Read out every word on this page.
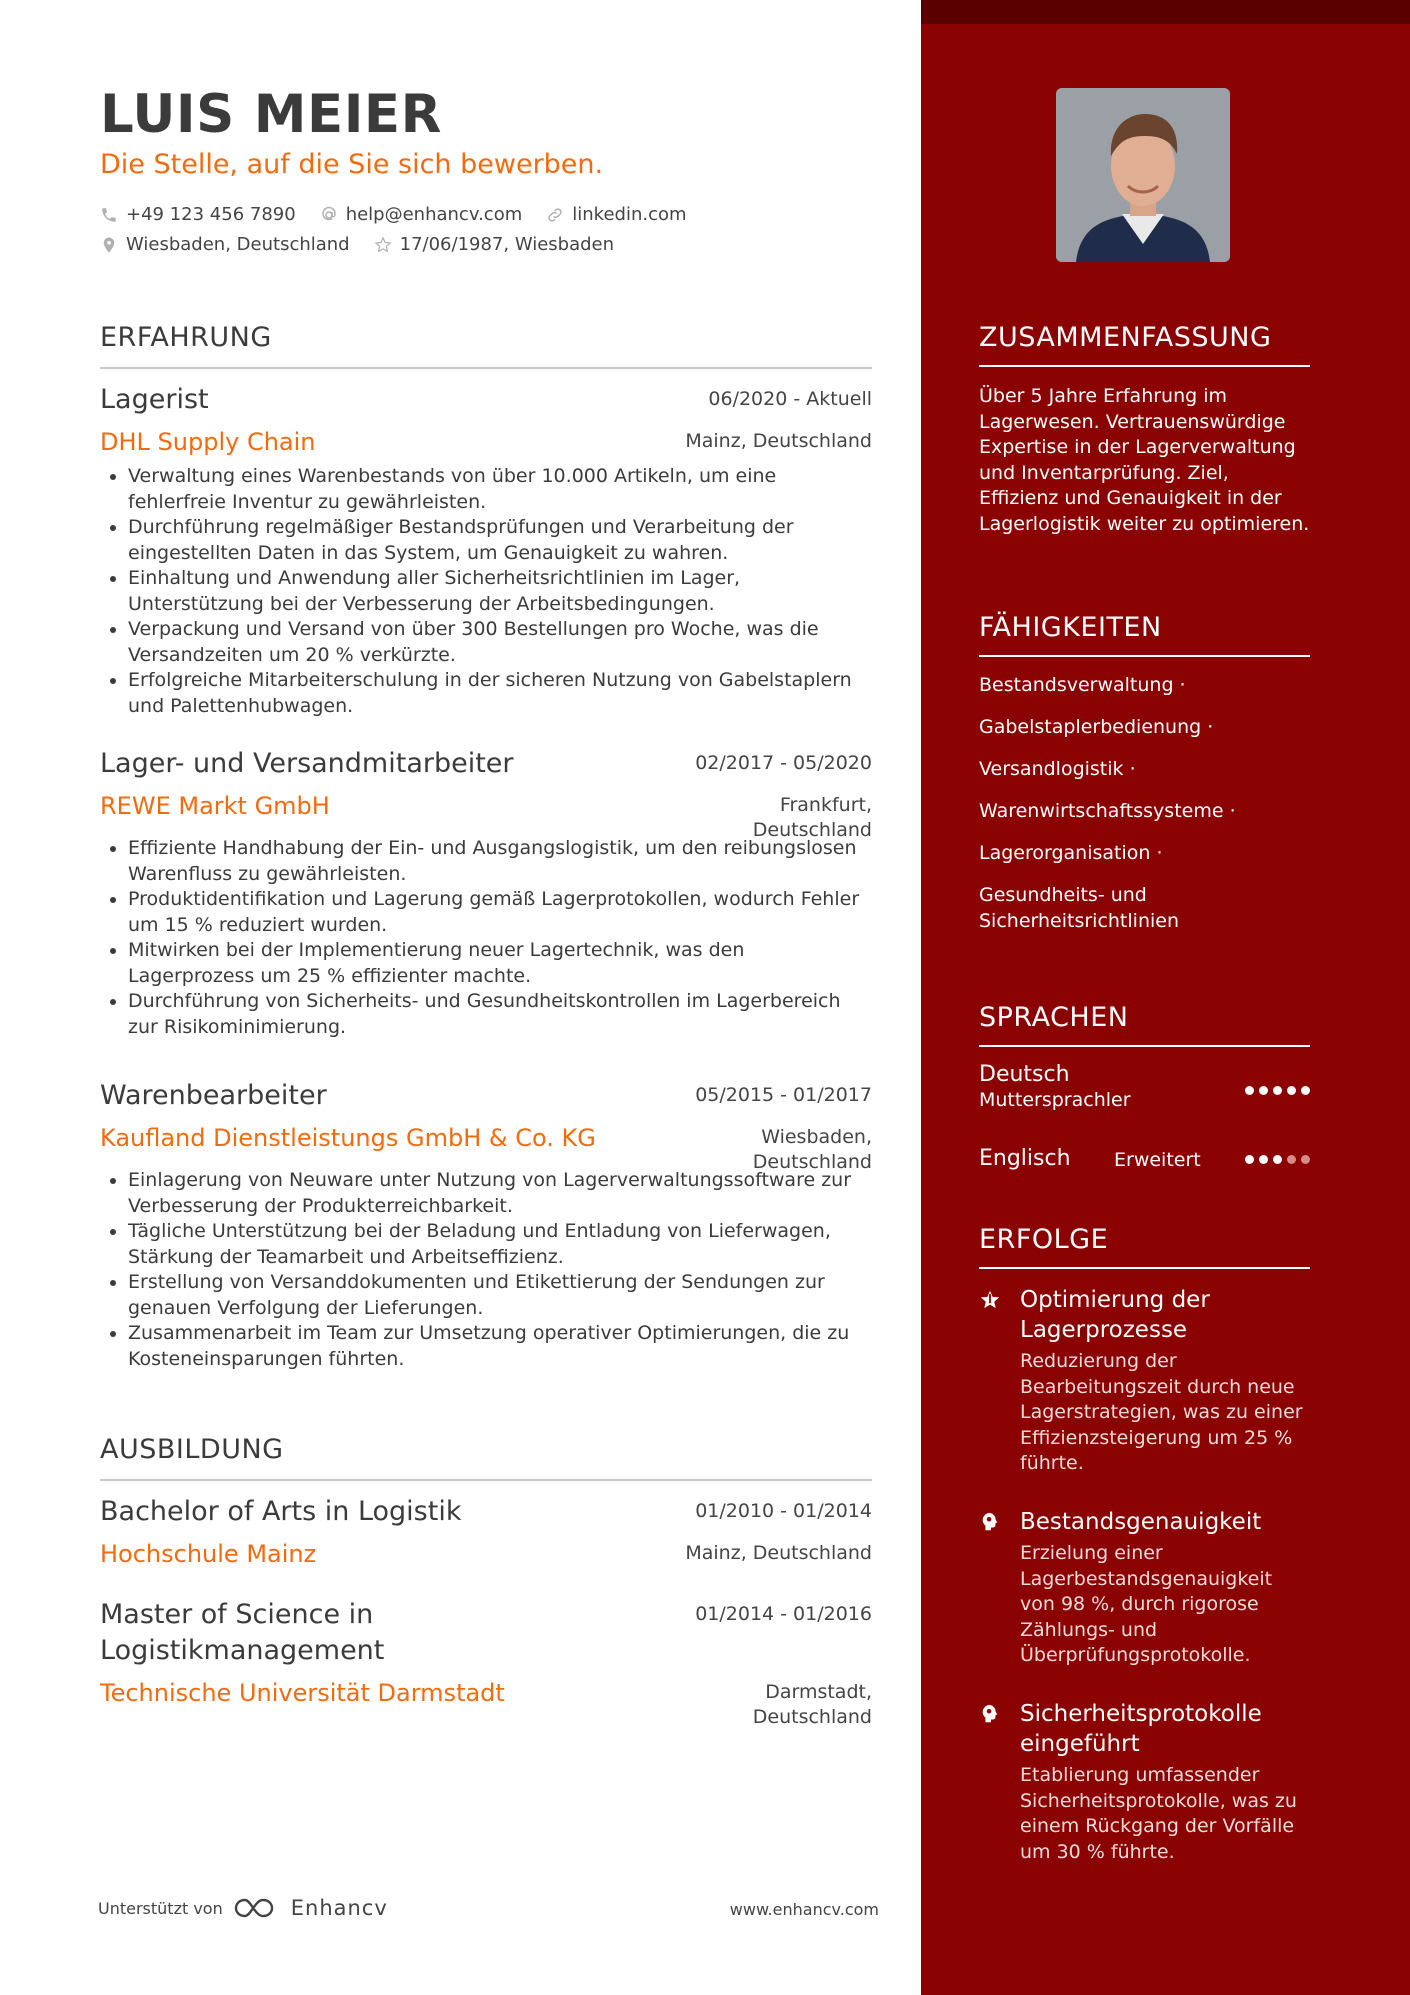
LUIS MEIER
Die Stelle, auf die Sie sich bewerben.
+49 123 456 7890	help@enhancv.com	linkedin.com
Wiesbaden, Deutschland	17/06/1987, Wiesbaden
ERFAHRUNG
Lagerist	06/2020 - Aktuell
DHL Supply Chain	Mainz, Deutschland
• Verwaltung eines Warenbestands von über 10.000 Artikeln, um eine fehlerfreie Inventur zu gewährleisten.
• Durchführung regelmäßiger Bestandsprüfungen und Verarbeitung der eingestellten Daten in das System, um Genauigkeit zu wahren.
• Einhaltung und Anwendung aller Sicherheitsrichtlinien im Lager, Unterstützung bei der Verbesserung der Arbeitsbedingungen.
• Verpackung und Versand von über 300 Bestellungen pro Woche, was die Versandzeiten um 20 % verkürzte.
• Erfolgreiche Mitarbeiterschulung in der sicheren Nutzung von Gabelstaplern und Palettenhubwagen.
Lager- und Versandmitarbeiter	02/2017 - 05/2020
REWE Markt GmbH	Frankfurt,
Deutschland
• Effiziente Handhabung der Ein- und Ausgangslogistik, um den reibungslosen Warenfluss zu gewährleisten.
• Produktidentifikation und Lagerung gemäß Lagerprotokollen, wodurch Fehler um 15 % reduziert wurden.
• Mitwirken bei der Implementierung neuer Lagertechnik, was den Lagerprozess um 25 % effizienter machte.
• Durchführung von Sicherheits- und Gesundheitskontrollen im Lagerbereich zur Risikominimierung.
Warenbearbeiter	05/2015 - 01/2017
Kaufland Dienstleistungs GmbH & Co. KG	Wiesbaden,
Deutschland
• Einlagerung von Neuware unter Nutzung von Lagerverwaltungssoftware zur Verbesserung der Produkterreichbarkeit.
• Tägliche Unterstützung bei der Beladung und Entladung von Lieferwagen, Stärkung der Teamarbeit und Arbeitseffizienz.
• Erstellung von Versanddokumenten und Etikettierung der Sendungen zur genauen Verfolgung der Lieferungen.
• Zusammenarbeit im Team zur Umsetzung operativer Optimierungen, die zu Kosteneinsparungen führten.
AUSBILDUNG
Bachelor of Arts in Logistik	01/2010 - 01/2014
Hochschule Mainz	Mainz, Deutschland
Master of Science in
Logistikmanagement
01/2014 - 01/2016
Technische Universität Darmstadt	Darmstadt,
Deutschland
Unterstützt von	Enhancv	www.enhancv.com
ZUSAMMENFASSUNG
Über 5 Jahre Erfahrung im Lagerwesen. Vertrauenswürdige Expertise in der Lagerverwaltung und Inventarprüfung. Ziel, Effizienz und Genauigkeit in der Lagerlogistik weiter zu optimieren.
FÄHIGKEITEN
Bestandsverwaltung ·
Gabelstaplerbedienung ·
Versandlogistik ·
Warenwirtschaftssysteme ·
Lagerorganisation ·
Gesundheits- und Sicherheitsrichtlinien
SPRACHEN
Deutsch
Muttersprachler
Englisch Erweitert
ERFOLGE
Optimierung der Lagerprozesse
Reduzierung der Bearbeitungszeit durch neue Lagerstrategien, was zu einer Effizienzsteigerung um 25 % führte.
Bestandsgenauigkeit
Erzielung einer Lagerbestandsgenauigkeit von 98 %, durch rigorose Zählungs- und Überprüfungsprotokolle.
Sicherheitsprotokolle eingeführt
Etablierung umfassender Sicherheitsprotokolle, was zu einem Rückgang der Vorfälle um 30 % führte.
